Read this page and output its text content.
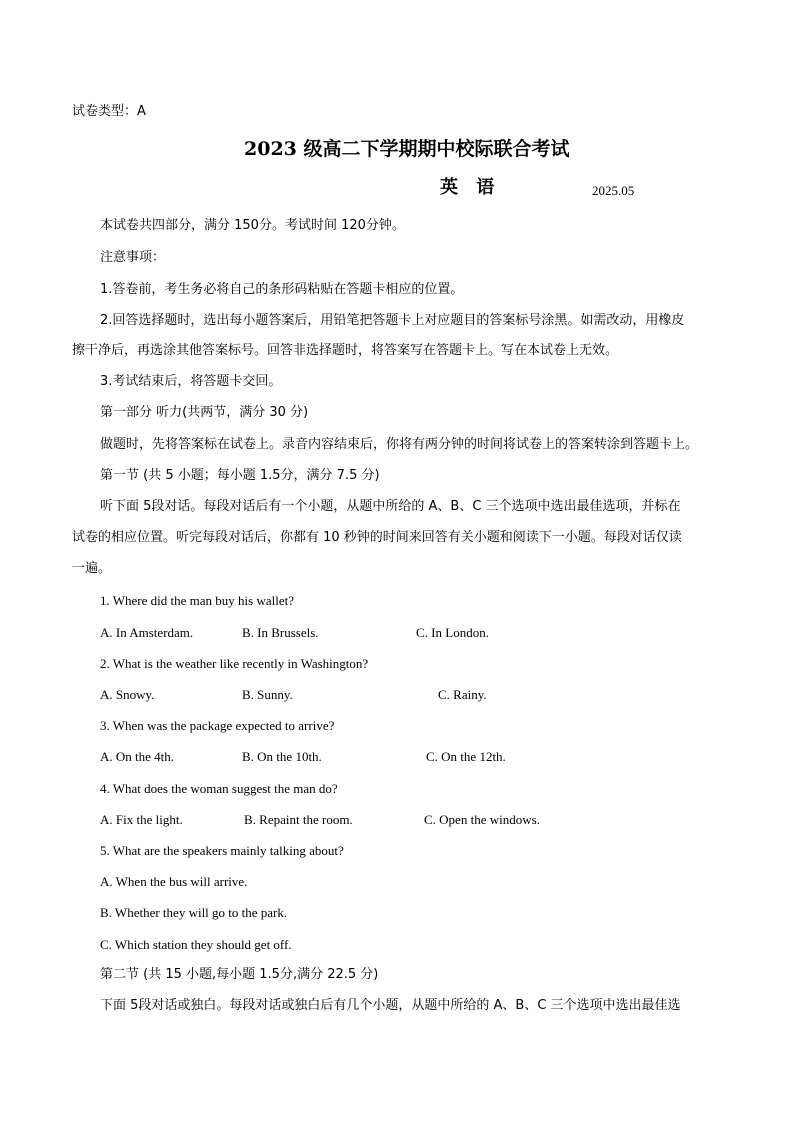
试卷类型：A
2023 级高二下学期期中校际联合考试
英 语	2025.05
本试卷共四部分，满分 150分。考试时间 120分钟。
注意事项：
1.答卷前，考生务必将自己的条形码粘贴在答题卡相应的位置。
2.回答选择题时，选出每小题答案后，用铅笔把答题卡上对应题目的答案标号涂黑。如需改动，用橡皮
擦干净后，再选涂其他答案标号。回答非选择题时，将答案写在答题卡上。写在本试卷上无效。
3.考试结束后，将答题卡交回。
第一部分 听力(共两节，满分 30 分)
做题时，先将答案标在试卷上。录音内容结束后，你将有两分钟的时间将试卷上的答案转涂到答题卡上。
第一节 (共 5 小题；每小题 1.5分，满分 7.5 分)
听下面 5段对话。每段对话后有一个小题，从题中所给的 A、B、C 三个选项中选出最佳选项，并标在
试卷的相应位置。听完每段对话后，你都有 10 秒钟的时间来回答有关小题和阅读下一小题。每段对话仅读
一遍。
1. Where did the man buy his wallet?
A. In Amsterdam.	B. In Brussels.	C. In London.
2. What is the weather like recently in Washington?
A. Snowy.	B. Sunny.	C. Rainy.
3. When was the package expected to arrive?
A. On the 4th.	B. On the 10th.	C. On the 12th.
4. What does the woman suggest the man do?
A. Fix the light.	B. Repaint the room.	C. Open the windows.
5. What are the speakers mainly talking about?
A. When the bus will arrive.
B. Whether they will go to the park.
C. Which station they should get off.
第二节 (共 15 小题,每小题 1.5分,满分 22.5 分)
下面 5段对话或独白。每段对话或独白后有几个小题，从题中所给的 A、B、C 三个选项中选出最佳选
